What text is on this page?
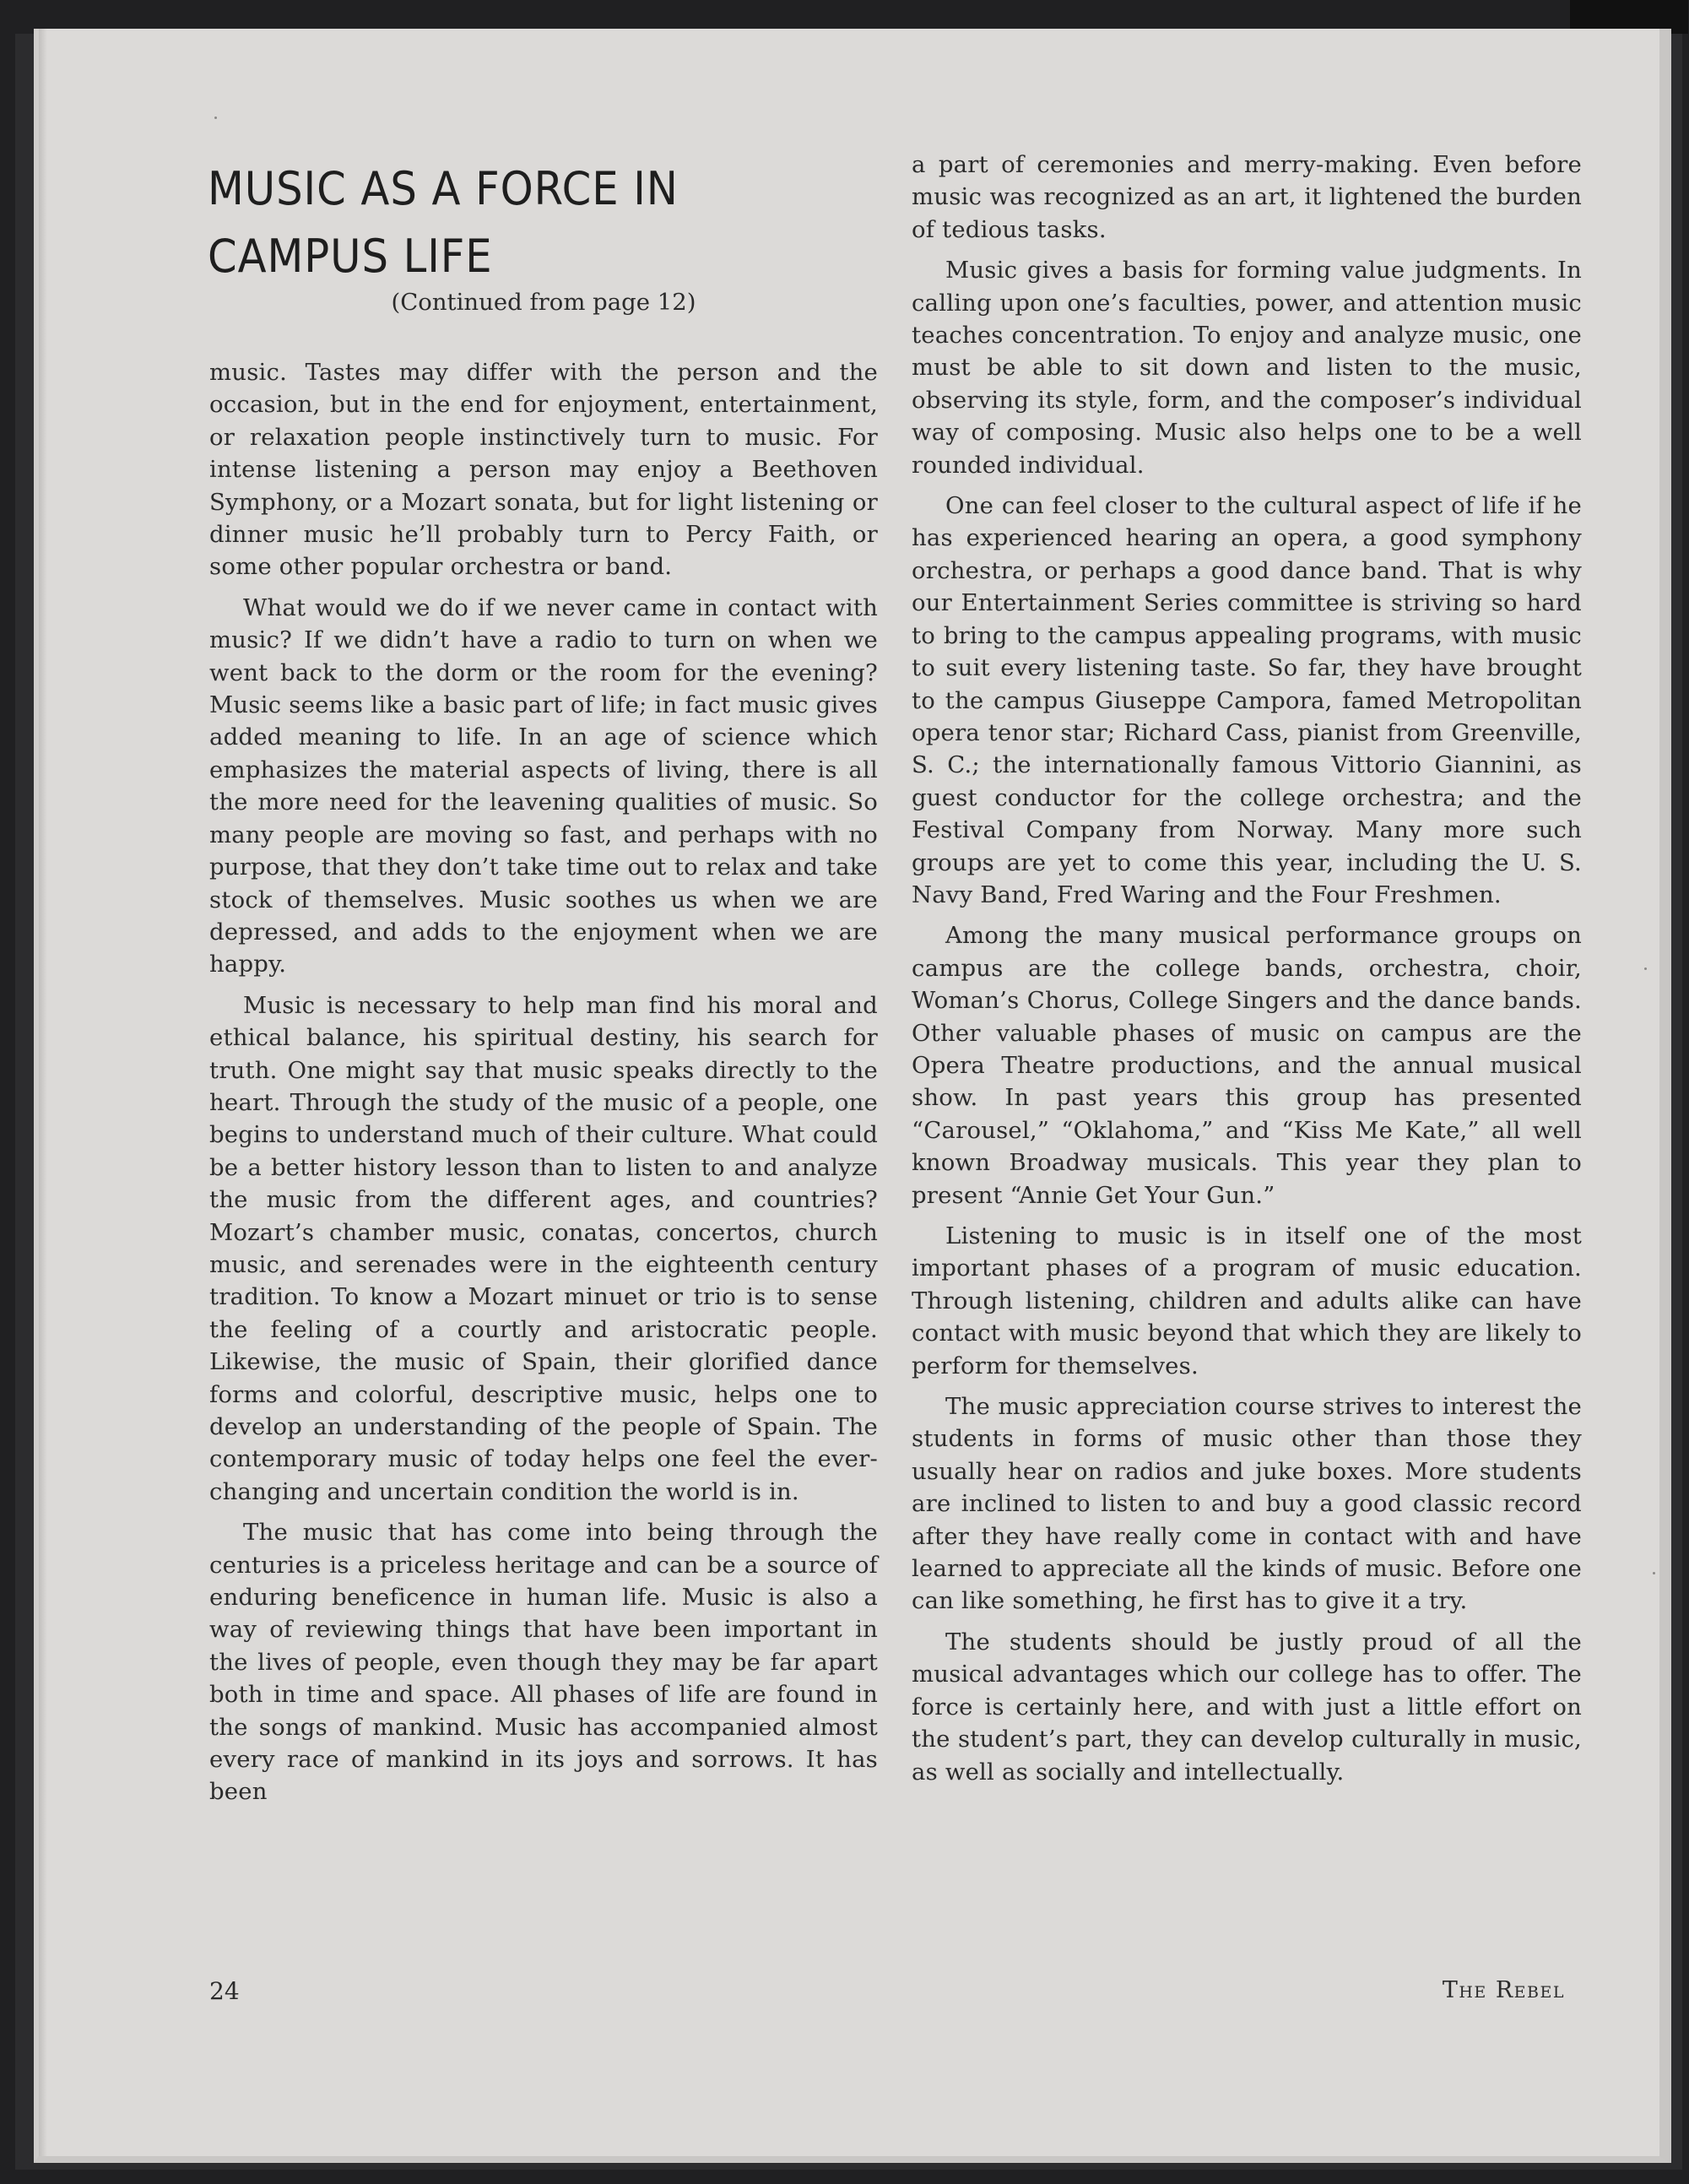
MUSIC AS A FORCE IN
CAMPUS LIFE
(Continued from page 12)

music. Tastes may differ with the person and the occasion, but in the end for enjoyment, entertainment, or relaxation people instinctively turn to music. For intense listening a person may enjoy a Beethoven Symphony, or a Mozart sonata, but for light listening or dinner music he’ll probably turn to Percy Faith, or some other popular orchestra or band.

What would we do if we never came in contact with music? If we didn’t have a radio to turn on when we went back to the dorm or the room for the evening? Music seems like a basic part of life; in fact music gives added meaning to life. In an age of science which emphasizes the material aspects of living, there is all the more need for the leavening qualities of music. So many people are moving so fast, and perhaps with no purpose, that they don’t take time out to relax and take stock of themselves. Music soothes us when we are depressed, and adds to the enjoyment when we are happy.

Music is necessary to help man find his moral and ethical balance, his spiritual destiny, his search for truth. One might say that music speaks directly to the heart. Through the study of the music of a people, one begins to understand much of their culture. What could be a better history lesson than to listen to and analyze the music from the different ages, and countries? Mozart’s chamber music, conatas, concertos, church music, and serenades were in the eighteenth century tradition. To know a Mozart minuet or trio is to sense the feeling of a courtly and aristocratic people. Likewise, the music of Spain, their glorified dance forms and colorful, descriptive music, helps one to develop an understanding of the people of Spain. The contemporary music of today helps one feel the ever-changing and uncertain condition the world is in.

The music that has come into being through the centuries is a priceless heritage and can be a source of enduring beneficence in human life. Music is also a way of reviewing things that have been important in the lives of people, even though they may be far apart both in time and space. All phases of life are found in the songs of mankind. Music has accompanied almost every race of mankind in its joys and sorrows. It has been

a part of ceremonies and merry-making. Even before music was recognized as an art, it lightened the burden of tedious tasks.

Music gives a basis for forming value judgments. In calling upon one’s faculties, power, and attention music teaches concentration. To enjoy and analyze music, one must be able to sit down and listen to the music, observing its style, form, and the composer’s individual way of composing. Music also helps one to be a well rounded individual.

One can feel closer to the cultural aspect of life if he has experienced hearing an opera, a good symphony orchestra, or perhaps a good dance band. That is why our Entertainment Series committee is striving so hard to bring to the campus appealing programs, with music to suit every listening taste. So far, they have brought to the campus Giuseppe Campora, famed Metropolitan opera tenor star; Richard Cass, pianist from Greenville, S. C.; the internationally famous Vittorio Giannini, as guest conductor for the college orchestra; and the Festival Company from Norway. Many more such groups are yet to come this year, including the U. S. Navy Band, Fred Waring and the Four Freshmen.

Among the many musical performance groups on campus are the college bands, orchestra, choir, Woman’s Chorus, College Singers and the dance bands. Other valuable phases of music on campus are the Opera Theatre productions, and the annual musical show. In past years this group has presented “Carousel,” “Oklahoma,” and “Kiss Me Kate,” all well known Broadway musicals. This year they plan to present “Annie Get Your Gun.”

Listening to music is in itself one of the most important phases of a program of music education. Through listening, children and adults alike can have contact with music beyond that which they are likely to perform for themselves.

The music appreciation course strives to interest the students in forms of music other than those they usually hear on radios and juke boxes. More students are inclined to listen to and buy a good classic record after they have really come in contact with and have learned to appreciate all the kinds of music. Before one can like something, he first has to give it a try.

The students should be justly proud of all the musical advantages which our college has to offer. The force is certainly here, and with just a little effort on the student’s part, they can develop culturally in music, as well as socially and intellectually.

24	The Rebel
